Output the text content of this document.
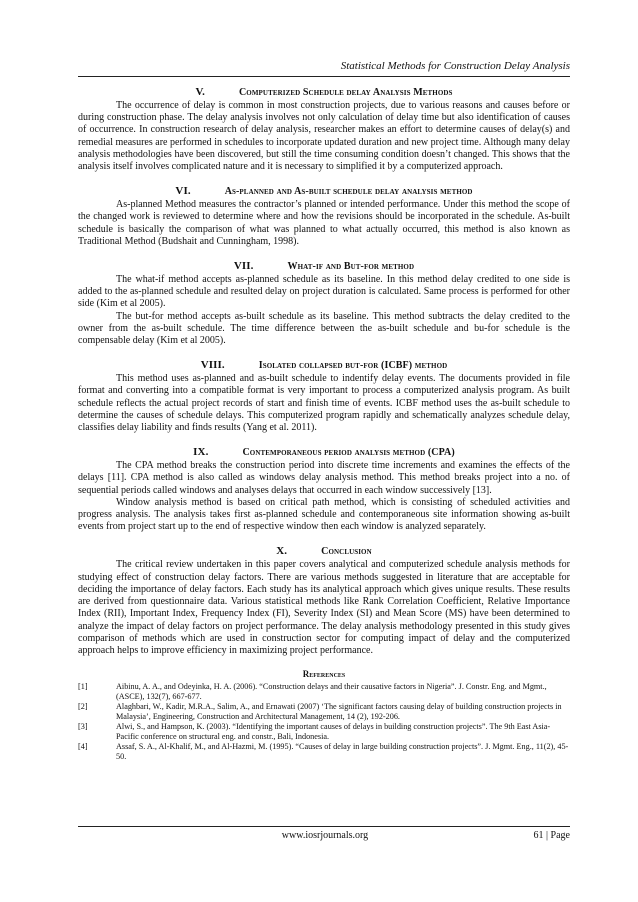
Statistical Methods for Construction Delay Analysis
V.	Computerized Schedule delay Analysis Methods

The occurrence of delay is common in most construction projects, due to various reasons and causes before or during construction phase. The delay analysis involves not only calculation of delay time but also identification of causes of occurrence. In construction research of delay analysis, researcher makes an effort to determine causes of delay(s) and remedial measures are performed in schedules to incorporate updated duration and new project time. Although many delay analysis methodologies have been discovered, but still the time consuming condition doesn’t changed. This shows that the analysis itself involves complicated nature and it is necessary to simplified it by a computerized approach.

VI.	As-planned and As-built schedule delay analysis method

As-planned Method measures the contractor’s planned or intended performance. Under this method the scope of the changed work is reviewed to determine where and how the revisions should be incorporated in the schedule. As-built schedule is basically the comparison of what was planned to what actually occurred, this method is also known as Traditional Method (Budshait and Cunningham, 1998).

VII.	What-if and But-for method

The what-if method accepts as-planned schedule as its baseline. In this method delay credited to one side is added to the as-planned schedule and resulted delay on project duration is calculated. Same process is performed for other side (Kim et al 2005).

The but-for method accepts as-built schedule as its baseline. This method subtracts the delay credited to the owner from the as-built schedule. The time difference between the as-built schedule and bu-for schedule is the compensable delay (Kim et al 2005).

VIII.	Isolated collapsed but-for (ICBF) method

This method uses as-planned and as-built schedule to indentify delay events. The documents provided in file format and converting into a compatible format is very important to process a computerized analysis program. As built schedule reflects the actual project records of start and finish time of events. ICBF method uses the as-built schedule to determine the causes of schedule delays. This computerized program rapidly and schematically analyzes schedule delay, classifies delay liability and finds results (Yang et al. 2011).

IX.	Contemporaneous period analysis method (CPA)

The CPA method breaks the construction period into discrete time increments and examines the effects of the delays [11]. CPA method is also called as windows delay analysis method. This method breaks project into a no. of sequential periods called windows and analyses delays that occurred in each window successively [13].

Window analysis method is based on critical path method, which is consisting of scheduled activities and progress analysis. The analysis takes first as-planned schedule and contemporaneous site information showing as-built events from project start up to the end of respective window then each window is analyzed separately.

X.	Conclusion

The critical review undertaken in this paper covers analytical and computerized schedule analysis methods for studying effect of construction delay factors. There are various methods suggested in literature that are acceptable for deciding the importance of delay factors. Each study has its analytical approach which gives unique results. These results are derived from questionnaire data. Various statistical methods like Rank Correlation Coefficient, Relative Importance Index (RII), Important Index, Frequency Index (FI), Severity Index (SI) and Mean Score (MS) have been determined to analyze the impact of delay factors on project performance. The delay analysis methodology presented in this study gives comparison of methods which are used in construction sector for computing impact of delay and the computerized approach helps to improve efficiency in maximizing project performance.

References
[1]	Aibinu, A. A., and Odeyinka, H. A. (2006). “Construction delays and their causative factors in Nigeria”. J. Constr. Eng. and Mgmt., (ASCE), 132(7), 667-677.
[2]	Alaghbari, W., Kadir, M.R.A., Salim, A., and Ernawati (2007) ‘The significant factors causing delay of building construction projects in Malaysia’, Engineering, Construction and Architectural Management, 14 (2), 192-206.
[3]	Alwi, S., and Hampson, K. (2003). “Identifying the important causes of delays in building construction projects”. The 9th East Asia-Pacific conference on structural eng. and constr., Bali, Indonesia.
[4]	Assaf, S. A., Al-Khalif, M., and Al-Hazmi, M. (1995). “Causes of delay in large building construction projects”. J. Mgmt. Eng., 11(2), 45-50.
www.iosrjournals.org	61 | Page
